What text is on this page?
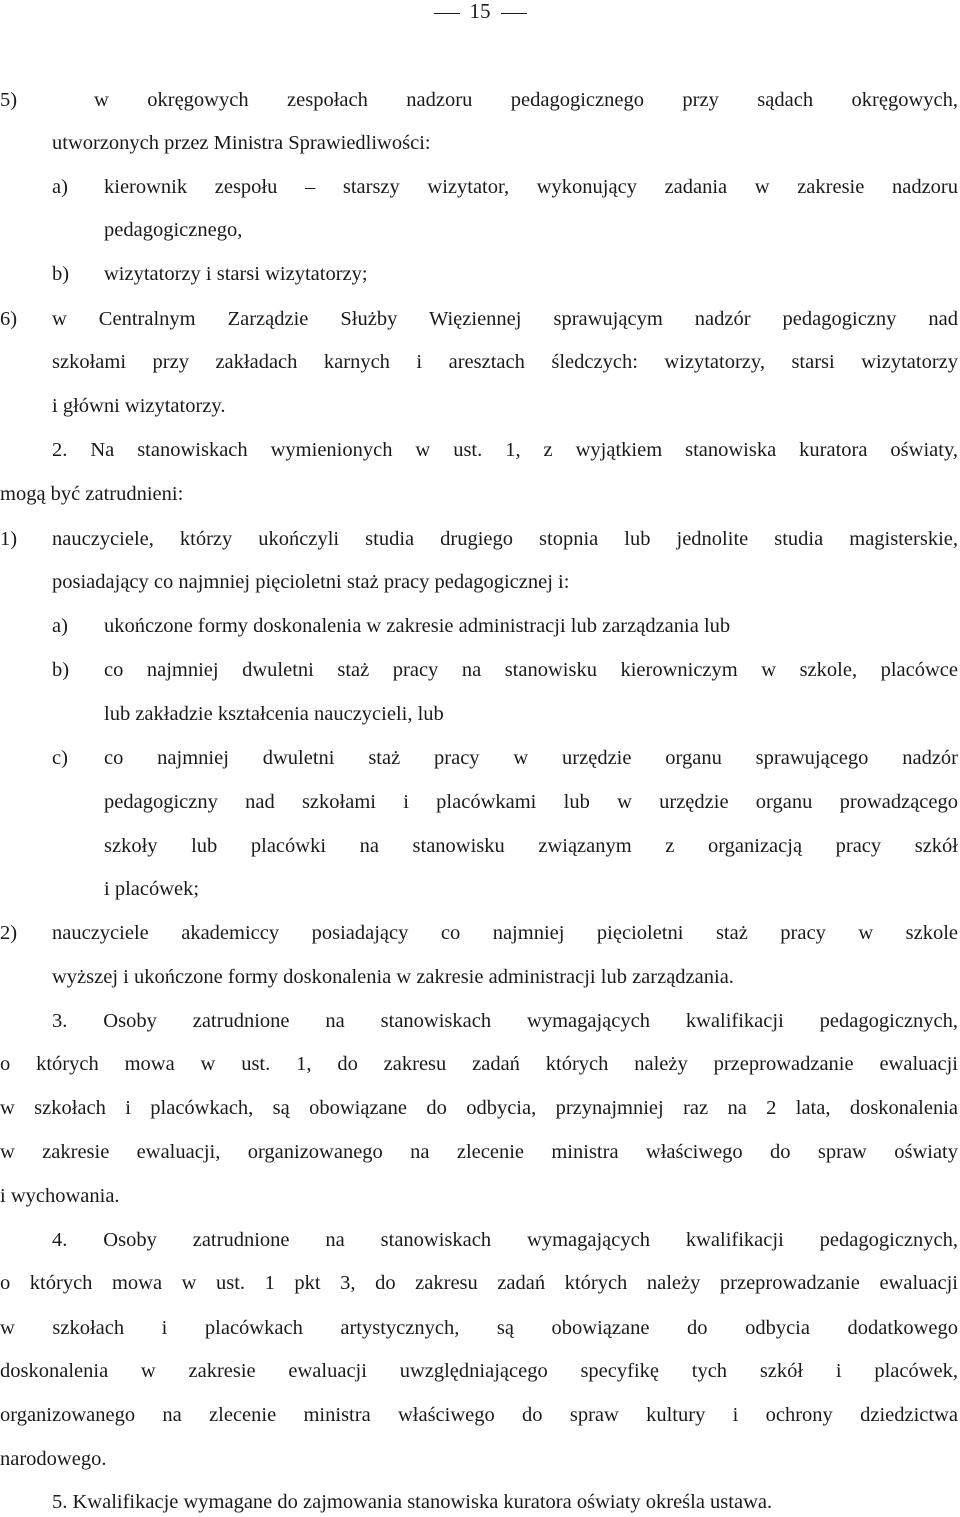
15
5)  w okręgowych zespołach nadzoru pedagogicznego przy sądach okręgowych,
utworzonych przez Ministra Sprawiedliwości:
a) kierownik zespołu – starszy wizytator, wykonujący zadania w zakresie nadzoru
pedagogicznego,
b) wizytatorzy i starsi wizytatorzy;
6) w Centralnym Zarządzie Służby Więziennej sprawującym nadzór pedagogiczny nad
szkołami przy zakładach karnych i aresztach śledczych: wizytatorzy, starsi wizytatorzy
i główni wizytatorzy.
2. Na stanowiskach wymienionych w ust. 1, z wyjątkiem stanowiska kuratora oświaty,
mogą być zatrudnieni:
1) nauczyciele, którzy ukończyli studia drugiego stopnia lub jednolite studia magisterskie,
posiadający co najmniej pięcioletni staż pracy pedagogicznej i:
a) ukończone formy doskonalenia w zakresie administracji lub zarządzania lub
b) co najmniej dwuletni staż pracy na stanowisku kierowniczym w szkole, placówce
lub zakładzie kształcenia nauczycieli, lub
c) co najmniej dwuletni staż pracy w urzędzie organu sprawującego nadzór
pedagogiczny nad szkołami i placówkami lub w urzędzie organu prowadzącego
szkoły lub placówki na stanowisku związanym z organizacją pracy szkół
i placówek;
2) nauczyciele akademiccy posiadający co najmniej pięcioletni staż pracy w szkole
wyższej i ukończone formy doskonalenia w zakresie administracji lub zarządzania.
3. Osoby zatrudnione na stanowiskach wymagających kwalifikacji pedagogicznych,
o których mowa w ust. 1, do zakresu zadań których należy przeprowadzanie ewaluacji
w szkołach i placówkach, są obowiązane do odbycia, przynajmniej raz na 2 lata, doskonalenia
w zakresie ewaluacji, organizowanego na zlecenie ministra właściwego do spraw oświaty
i wychowania.
4. Osoby zatrudnione na stanowiskach wymagających kwalifikacji pedagogicznych,
o których mowa w ust. 1 pkt 3, do zakresu zadań których należy przeprowadzanie ewaluacji
w szkołach i placówkach artystycznych, są obowiązane do odbycia dodatkowego
doskonalenia w zakresie ewaluacji uwzględniającego specyfikę tych szkół i placówek,
organizowanego na zlecenie ministra właściwego do spraw kultury i ochrony dziedzictwa
narodowego.
5. Kwalifikacje wymagane do zajmowania stanowiska kuratora oświaty określa ustawa.
